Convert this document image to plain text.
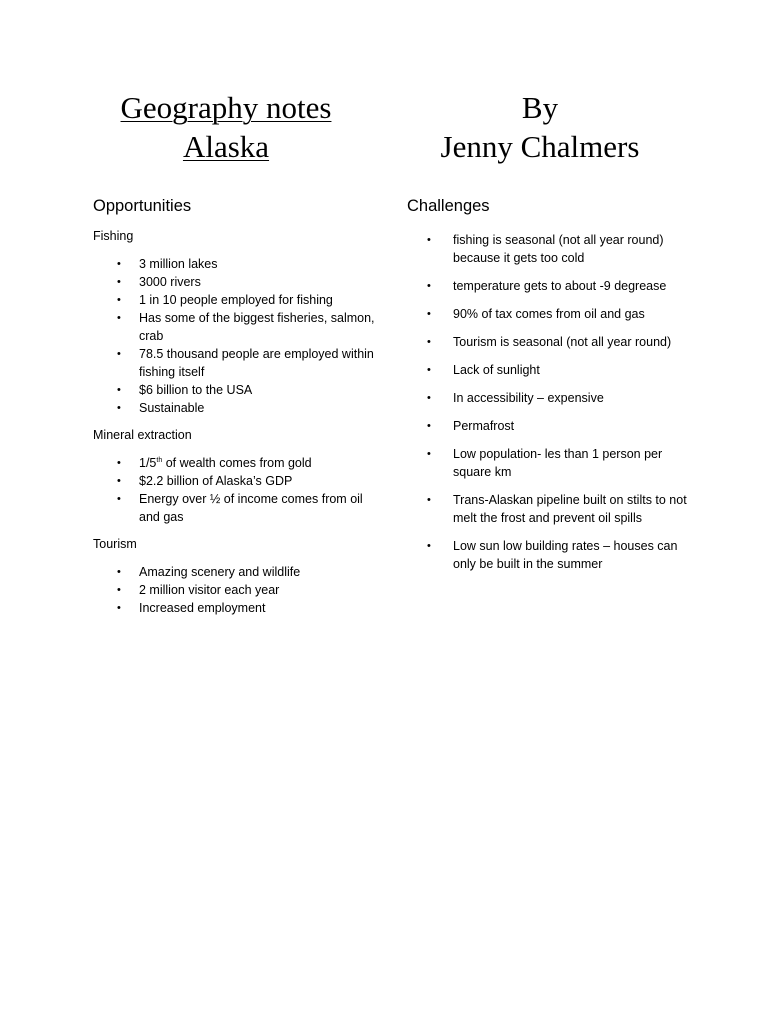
Geography notes
Alaska
By
Jenny Chalmers
Opportunities
Fishing
• 3 million lakes
• 3000 rivers
• 1 in 10 people employed for fishing
• Has some of the biggest fisheries, salmon, crab
• 78.5 thousand people are employed within fishing itself
• $6 billion to the USA
• Sustainable
Mineral extraction
• 1/5th of wealth comes from gold
• $2.2 billion of Alaska’s GDP
• Energy over ½ of income comes from oil and gas
Tourism
• Amazing scenery and wildlife
• 2 million visitor each year
• Increased employment
Challenges
• fishing is seasonal (not all year round) because it gets too cold
• temperature gets to about -9 degrease
• 90% of tax comes from oil and gas
• Tourism is seasonal (not all year round)
• Lack of sunlight
• In accessibility – expensive
• Permafrost
• Low population- les than 1 person per square km
• Trans-Alaskan pipeline built on stilts to not melt the frost and prevent oil spills
• Low sun low building rates – houses can only be built in the summer
